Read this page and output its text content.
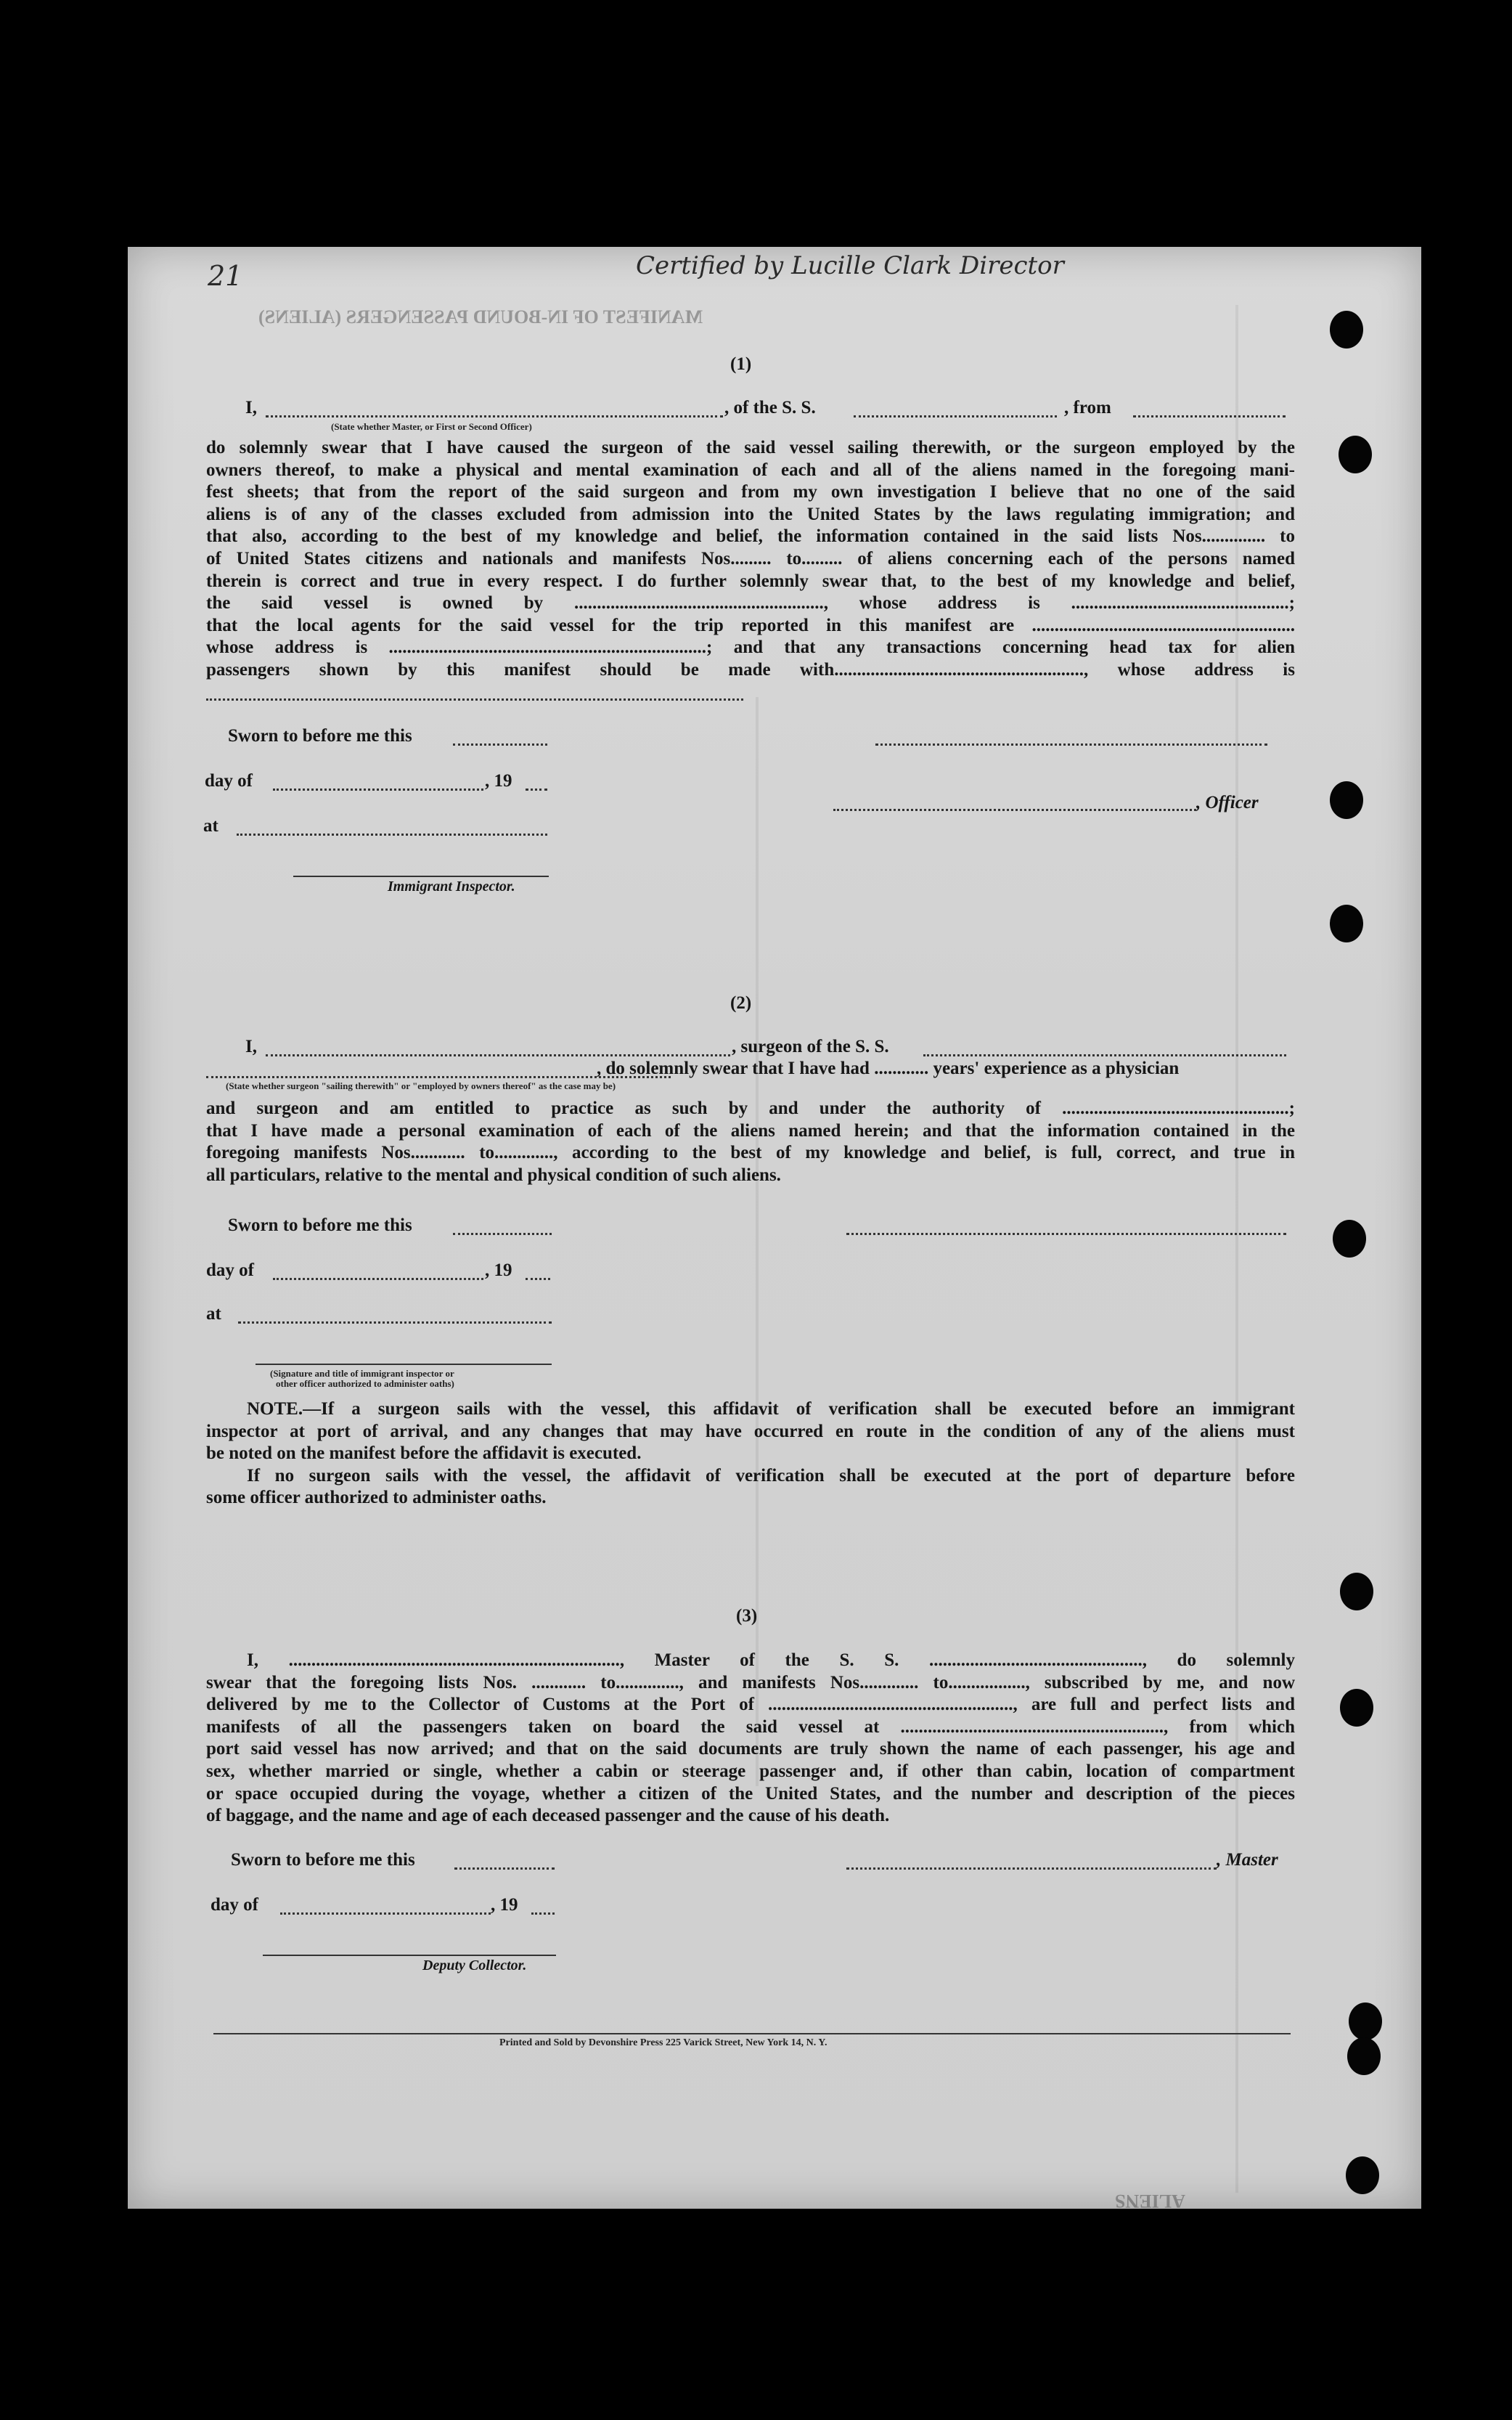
MANIFEST OF IN-BOUND PASSENGERS (ALIENS)
ALIENS
Certified by Lucille Clark Director
21
(1)
I,	, of the S. S.	, from
(State whether Master, or First or Second Officer)
do solemnly swear that I have caused the surgeon of the said vessel sailing therewith, or the surgeon employed by the
owners thereof, to make a physical and mental examination of each and all of the aliens named in the foregoing mani-
fest sheets; that from the report of the said surgeon and from my own investigation I believe that no one of the said
aliens is of any of the classes excluded from admission into the United States by the laws regulating immigration; and
that also, according to the best of my knowledge and belief, the information contained in the said lists Nos.............. to
of United States citizens and nationals and manifests Nos......... to......... of aliens concerning each of the persons named
therein is correct and true in every respect. I do further solemnly swear that, to the best of my knowledge and belief,
the said vessel is owned by ......................................................., whose address is ................................................;
that the local agents for the said vessel for the trip reported in this manifest are ..........................................................
whose address is ......................................................................; and that any transactions concerning head tax for alien
passengers shown by this manifest should be made with......................................................., whose address is
Sworn to before me this
day of	, 19
, Officer
at
Immigrant Inspector.
(2)
I,	, surgeon of the S. S.
, do solemnly swear that I have had ............ years' experience as a physician
(State whether surgeon "sailing therewith" or "employed by owners thereof" as the case may be)
and surgeon and am entitled to practice as such by and under the authority of ..................................................;
that I have made a personal examination of each of the aliens named herein; and that the information contained in the
foregoing manifests Nos............ to............., according to the best of my knowledge and belief, is full, correct, and true in
all particulars, relative to the mental and physical condition of such aliens.
Sworn to before me this
day of	, 19
at
(Signature and title of immigrant inspector or
other officer authorized to administer oaths)
NOTE.—If a surgeon sails with the vessel, this affidavit of verification shall be executed before an immigrant
inspector at port of arrival, and any changes that may have occurred en route in the condition of any of the aliens must
be noted on the manifest before the affidavit is executed.
If no surgeon sails with the vessel, the affidavit of verification shall be executed at the port of departure before
some officer authorized to administer oaths.
(3)
I, ........................................................................., Master of the S. S. ..............................................., do solemnly
swear that the foregoing lists Nos. ............ to.............., and manifests Nos............. to................., subscribed by me, and now
delivered by me to the Collector of Customs at the Port of ......................................................, are full and perfect lists and
manifests of all the passengers taken on board the said vessel at .........................................................., from which
port said vessel has now arrived; and that on the said documents are truly shown the name of each passenger, his age and
sex, whether married or single, whether a cabin or steerage passenger and, if other than cabin, location of compartment
or space occupied during the voyage, whether a citizen of the United States, and the number and description of the pieces
of baggage, and the name and age of each deceased passenger and the cause of his death.
Sworn to before me this	, Master
day of	, 19
Deputy Collector.
Printed and Sold by Devonshire Press 225 Varick Street, New York 14, N. Y.
